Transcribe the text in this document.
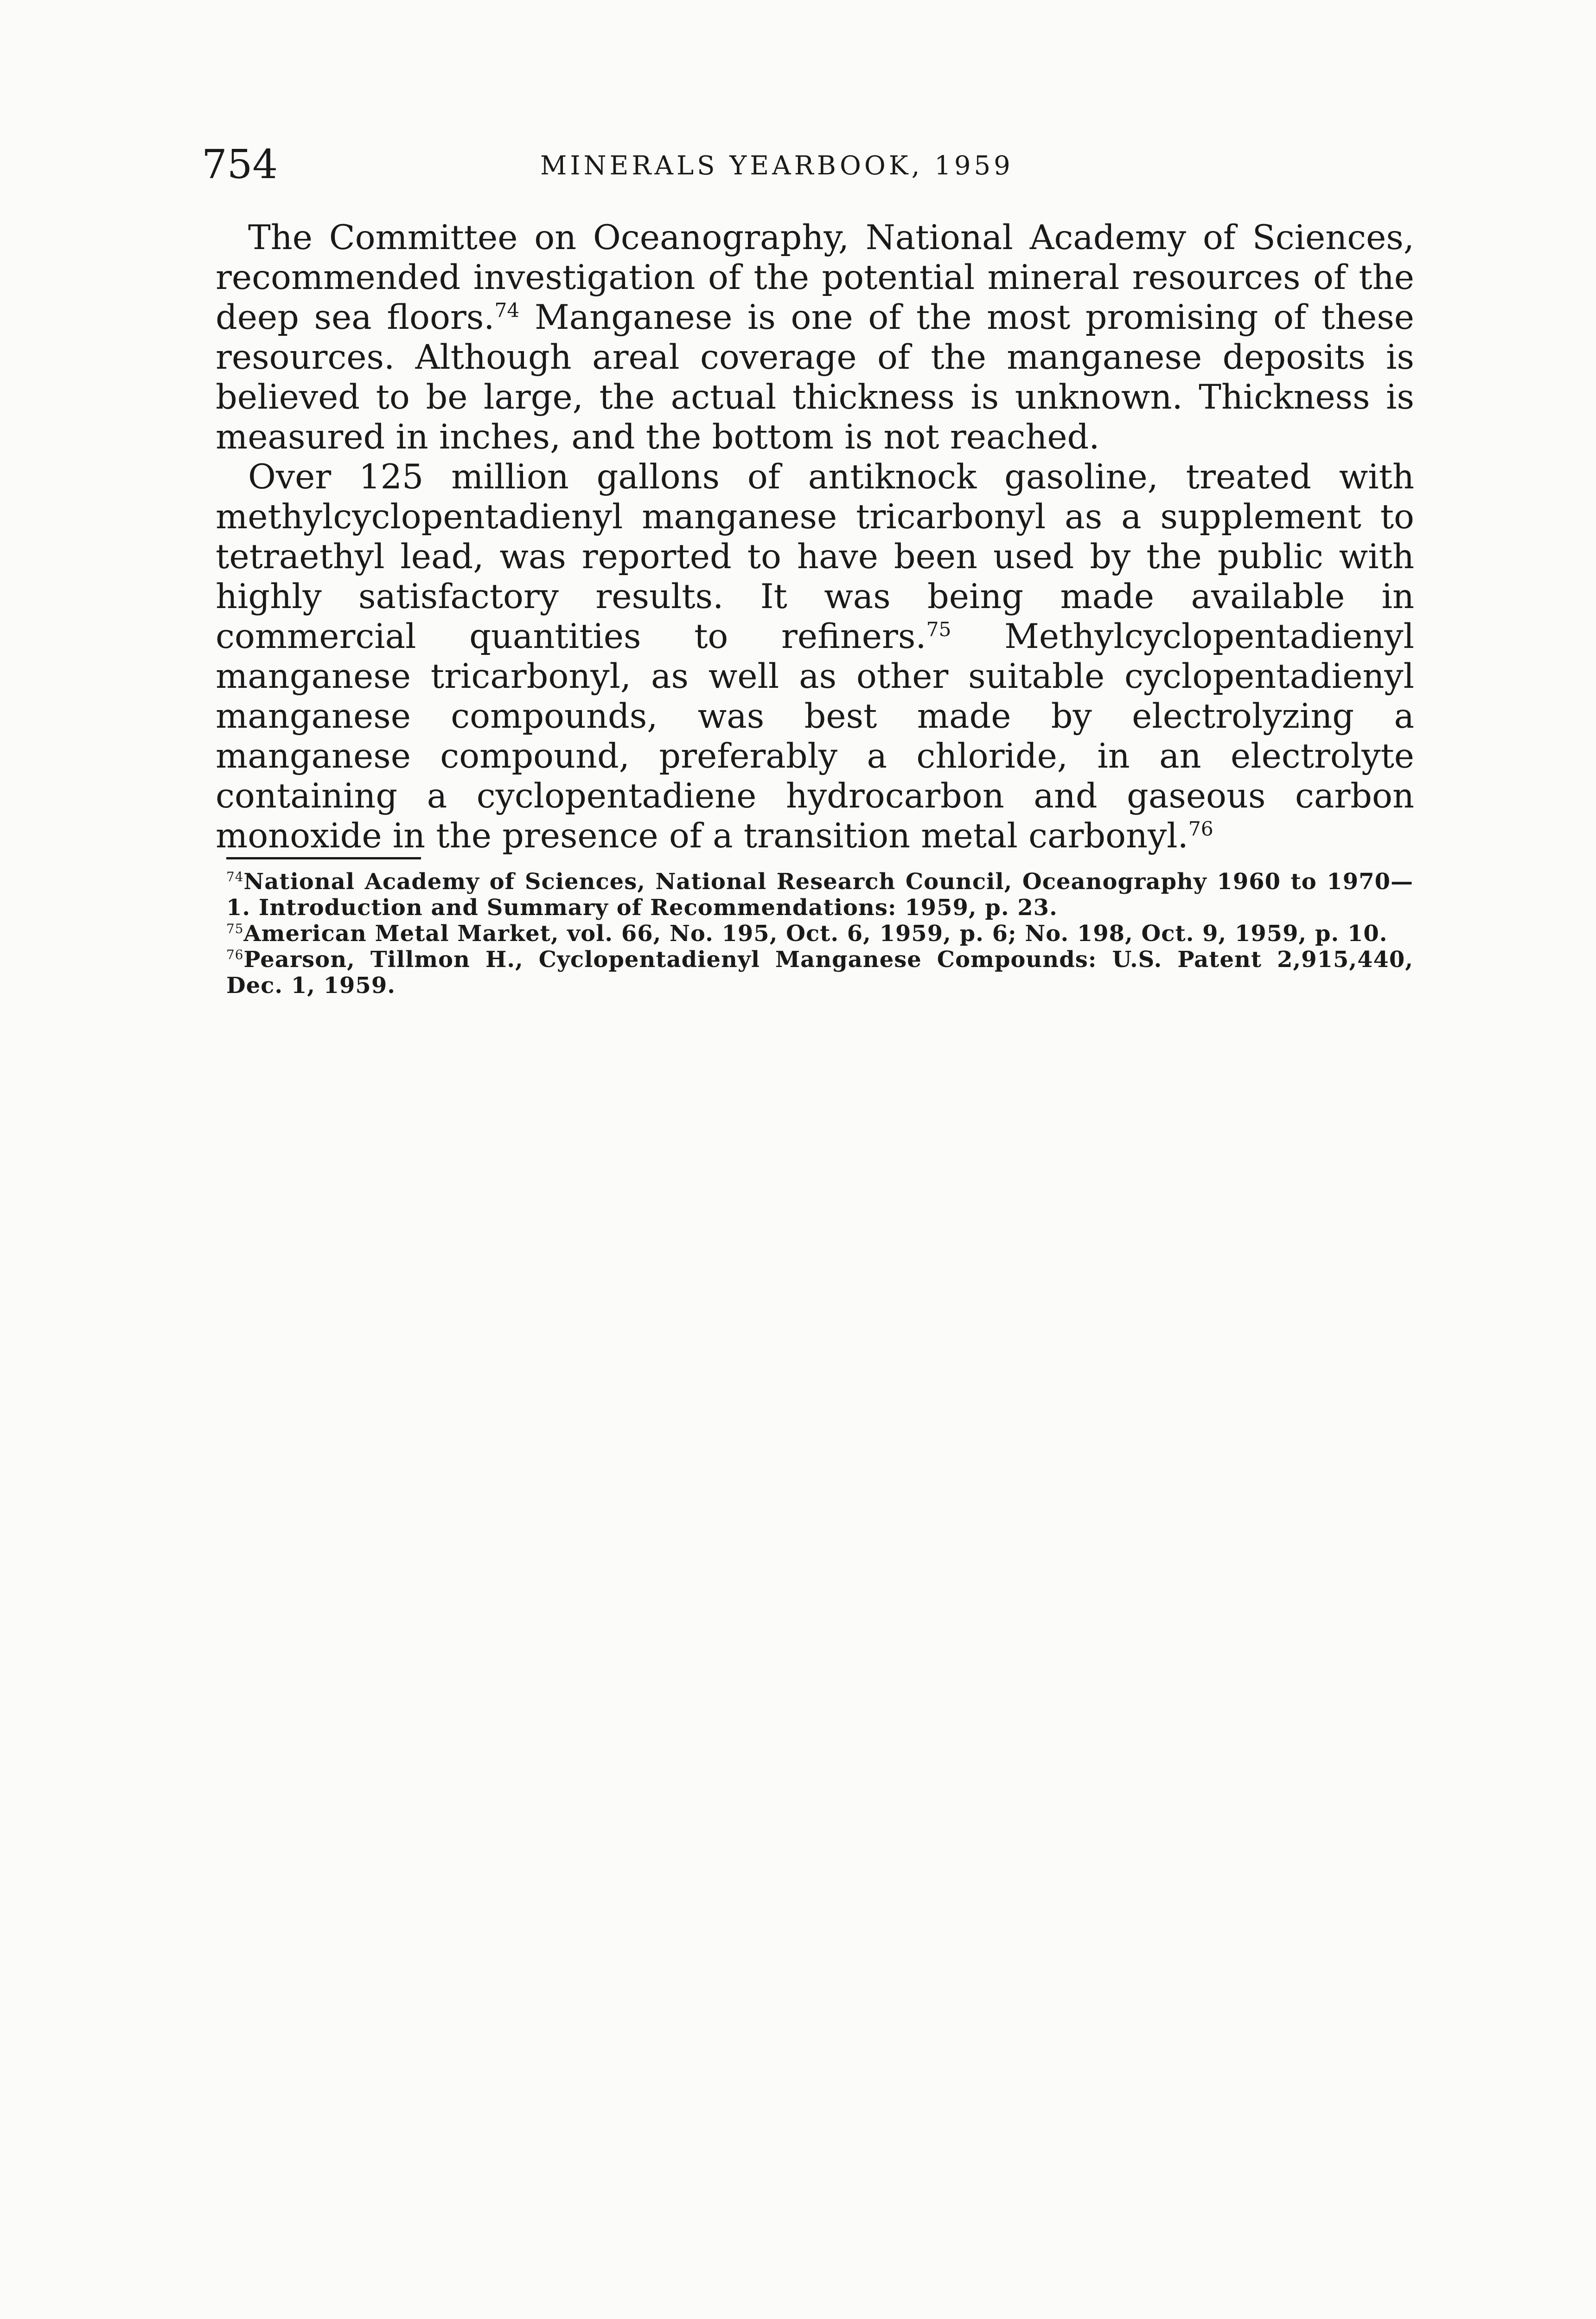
754	MINERALS YEARBOOK, 1959

The Committee on Oceanography, National Academy of Sciences, recommended investigation of the potential mineral resources of the deep sea floors.$^{74}$ Manganese is one of the most promising of these resources. Although areal coverage of the manganese deposits is believed to be large, the actual thickness is unknown. Thickness is measured in inches, and the bottom is not reached.

Over 125 million gallons of antiknock gasoline, treated with methylcyclopentadienyl manganese tricarbonyl as a supplement to tetraethyl lead, was reported to have been used by the public with highly satisfactory results. It was being made available in commercial quantities to refiners.$^{75}$ Methylcyclopentadienyl manganese tricarbonyl, as well as other suitable cyclopentadienyl manganese compounds, was best made by electrolyzing a manganese compound, preferably a chloride, in an electrolyte containing a cyclopentadiene hydrocarbon and gaseous carbon monoxide in the presence of a transition metal carbonyl.$^{76}$

$^{74}$National Academy of Sciences, National Research Council, Oceanography 1960 to 1970—1. Introduction and Summary of Recommendations: 1959, p. 23.

$^{75}$American Metal Market, vol. 66, No. 195, Oct. 6, 1959, p. 6; No. 198, Oct. 9, 1959, p. 10.

$^{76}$Pearson, Tillmon H., Cyclopentadienyl Manganese Compounds: U.S. Patent 2,915,440, Dec. 1, 1959.
